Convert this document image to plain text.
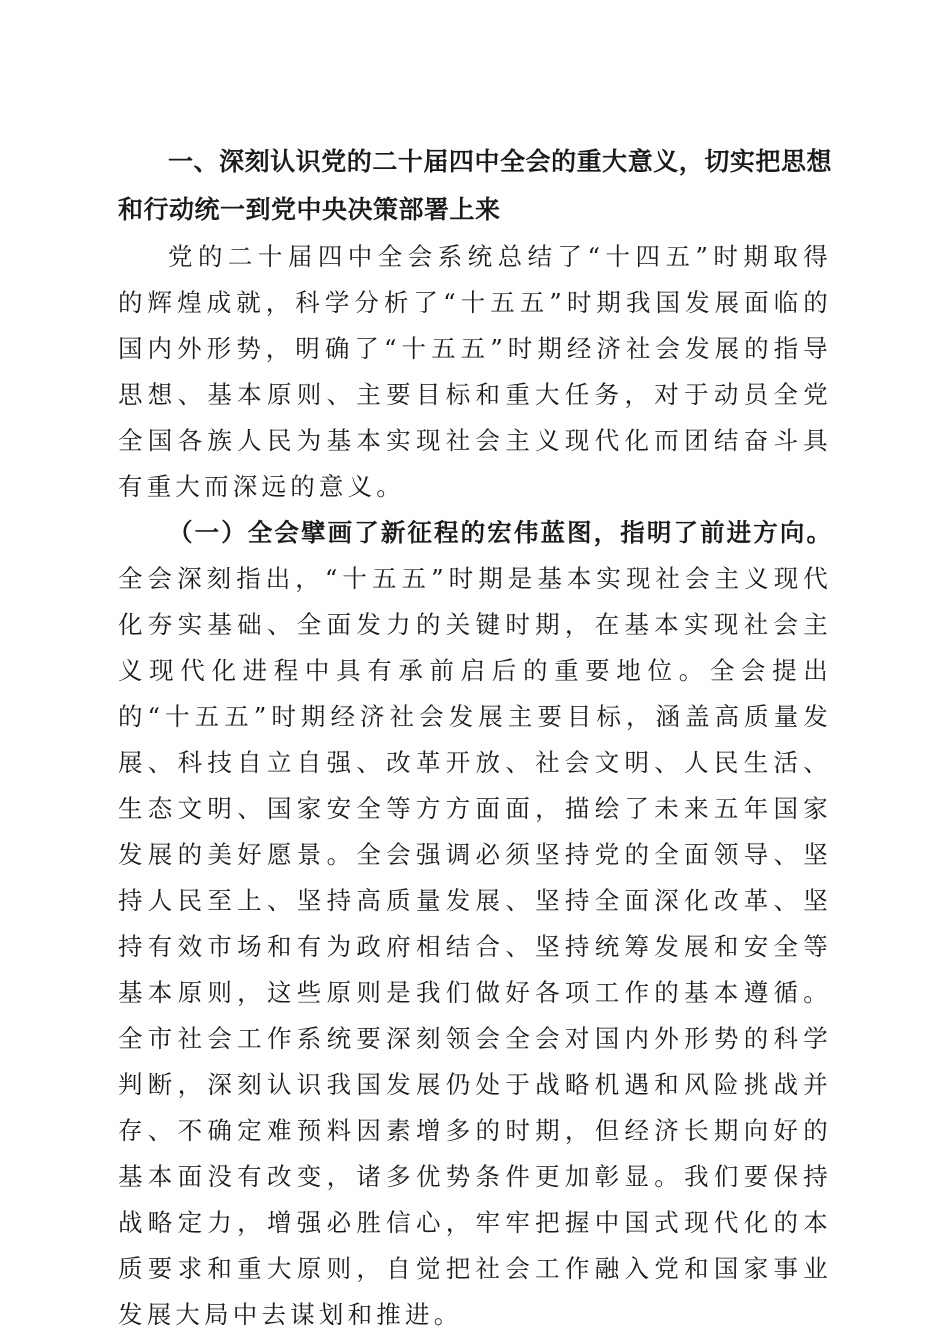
一、深刻认识党的二十届四中全会的重大意义，切实把思想和行动统一到党中央决策部署上来

党的二十届四中全会系统总结了“十四五”时期取得的辉煌成就，科学分析了“十五五”时期我国发展面临的国内外形势，明确了“十五五”时期经济社会发展的指导思想、基本原则、主要目标和重大任务，对于动员全党全国各族人民为基本实现社会主义现代化而团结奋斗具有重大而深远的意义。

（一）全会擘画了新征程的宏伟蓝图，指明了前进方向。全会深刻指出，“十五五”时期是基本实现社会主义现代化夯实基础、全面发力的关键时期，在基本实现社会主义现代化进程中具有承前启后的重要地位。全会提出的“十五五”时期经济社会发展主要目标，涵盖高质量发展、科技自立自强、改革开放、社会文明、人民生活、生态文明、国家安全等方方面面，描绘了未来五年国家发展的美好愿景。全会强调必须坚持党的全面领导、坚持人民至上、坚持高质量发展、坚持全面深化改革、坚持有效市场和有为政府相结合、坚持统筹发展和安全等基本原则，这些原则是我们做好各项工作的基本遵循。全市社会工作系统要深刻领会全会对国内外形势的科学判断，深刻认识我国发展仍处于战略机遇和风险挑战并存、不确定难预料因素增多的时期，但经济长期向好的基本面没有改变，诸多优势条件更加彰显。我们要保持战略定力，增强必胜信心，牢牢把握中国式现代化的本质要求和重大原则，自觉把社会工作融入党和国家事业发展大局中去谋划和推进。
